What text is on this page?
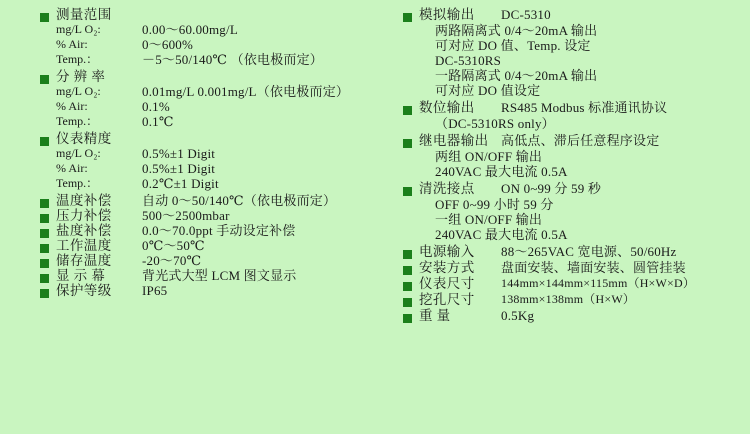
测量范围
mg/L O₂:	0.00～60.00mg/L
% Air:	0～600%
Temp.：	－5～50/140℃ （依电极而定）
分 辨 率
mg/L O₂:	0.01mg/L 0.001mg/L（依电极而定）
% Air:	0.1%
Temp.：	0.1℃
仪表精度
mg/L O₂:	0.5%±1 Digit
% Air:	0.5%±1 Digit
Temp.：	0.2℃±1 Digit
温度补偿	自动 0～50/140℃（依电极而定）
压力补偿	500～2500mbar
盐度补偿	0.0～70.0ppt 手动设定补偿
工作温度	0℃～50℃
储存温度	-20～70℃
显 示 幕	背光式大型 LCM 图文显示
保护等级	IP65
模拟输出	DC-5310
两路隔离式 0/4～20mA 输出
可对应 DO 值、Temp. 设定
DC-5310RS
一路隔离式 0/4～20mA 输出
可对应 DO 值设定
数位输出	RS485 Modbus 标准通讯协议
（DC-5310RS only）
继电器输出 高低点、滞后任意程序设定
两组 ON/OFF 输出
240VAC 最大电流 0.5A
清洗接点	ON 0~99 分 59 秒
OFF 0~99 小时 59 分
一组 ON/OFF 输出
240VAC 最大电流 0.5A
电源输入	88～265VAC 宽电源、50/60Hz
安装方式	盘面安装、墙面安装、圆管挂装
仪表尺寸	144mm×144mm×115mm（H×W×D）
挖孔尺寸	138mm×138mm（H×W）
重 量	0.5Kg
